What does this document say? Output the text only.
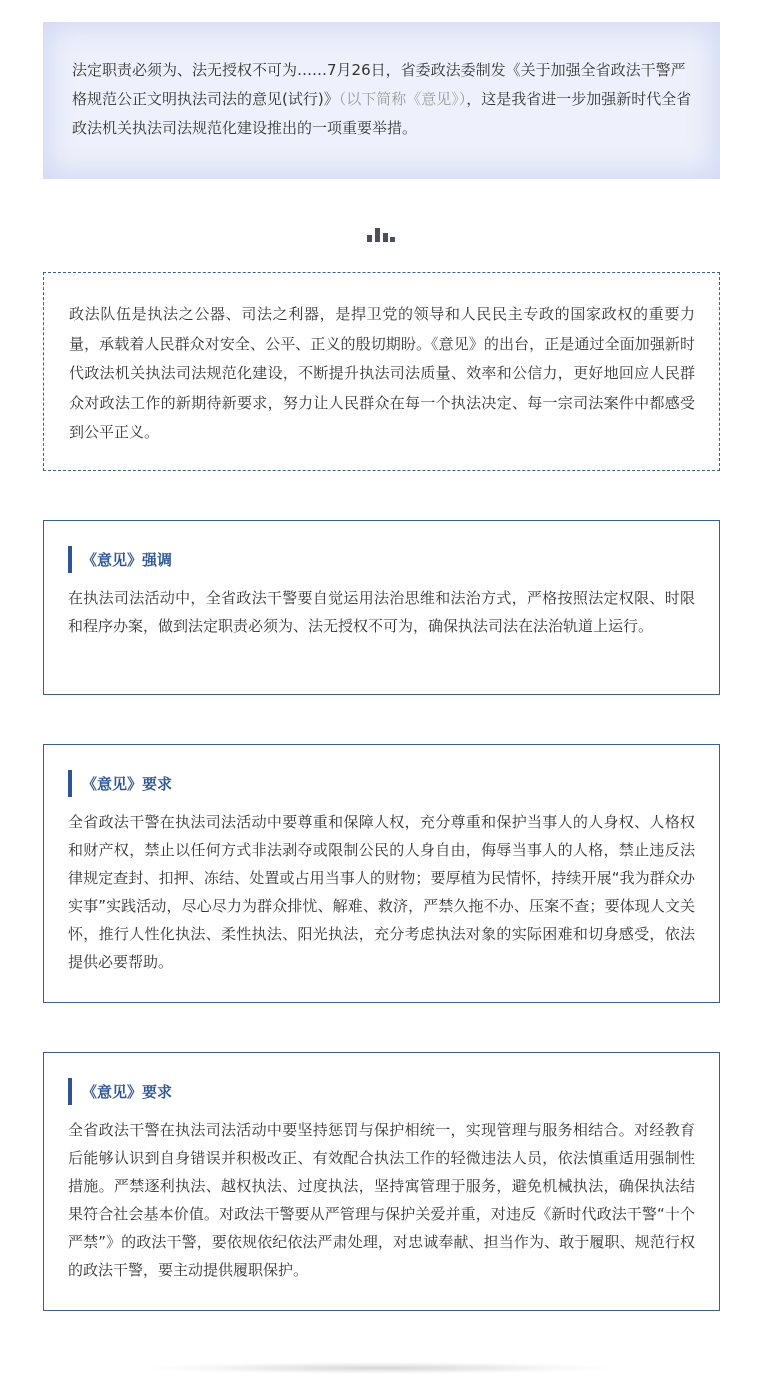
法定职责必须为、法无授权不可为……7月26日，省委政法委制发《关于加强全省政法干警严格规范公正文明执法司法的意见(试行)》（以下简称《意见》），这是我省进一步加强新时代全省政法机关执法司法规范化建设推出的一项重要举措。

政法队伍是执法之公器、司法之利器，是捍卫党的领导和人民民主专政的国家政权的重要力量，承载着人民群众对安全、公平、正义的殷切期盼。《意见》的出台，正是通过全面加强新时代政法机关执法司法规范化建设，不断提升执法司法质量、效率和公信力，更好地回应人民群众对政法工作的新期待新要求，努力让人民群众在每一个执法决定、每一宗司法案件中都感受到公平正义。

《意见》强调

在执法司法活动中，全省政法干警要自觉运用法治思维和法治方式，严格按照法定权限、时限和程序办案，做到法定职责必须为、法无授权不可为，确保执法司法在法治轨道上运行。

《意见》要求

全省政法干警在执法司法活动中要尊重和保障人权，充分尊重和保护当事人的人身权、人格权和财产权，禁止以任何方式非法剥夺或限制公民的人身自由，侮辱当事人的人格，禁止违反法律规定查封、扣押、冻结、处置或占用当事人的财物；要厚植为民情怀，持续开展“我为群众办实事”实践活动，尽心尽力为群众排忧、解难、救济，严禁久拖不办、压案不查；要体现人文关怀，推行人性化执法、柔性执法、阳光执法，充分考虑执法对象的实际困难和切身感受，依法提供必要帮助。

《意见》要求

全省政法干警在执法司法活动中要坚持惩罚与保护相统一，实现管理与服务相结合。对经教育后能够认识到自身错误并积极改正、有效配合执法工作的轻微违法人员，依法慎重适用强制性措施。严禁逐利执法、越权执法、过度执法，坚持寓管理于服务，避免机械执法，确保执法结果符合社会基本价值。对政法干警要从严管理与保护关爱并重，对违反《新时代政法干警“十个严禁”》的政法干警，要依规依纪依法严肃处理，对忠诚奉献、担当作为、敢于履职、规范行权的政法干警，要主动提供履职保护。
